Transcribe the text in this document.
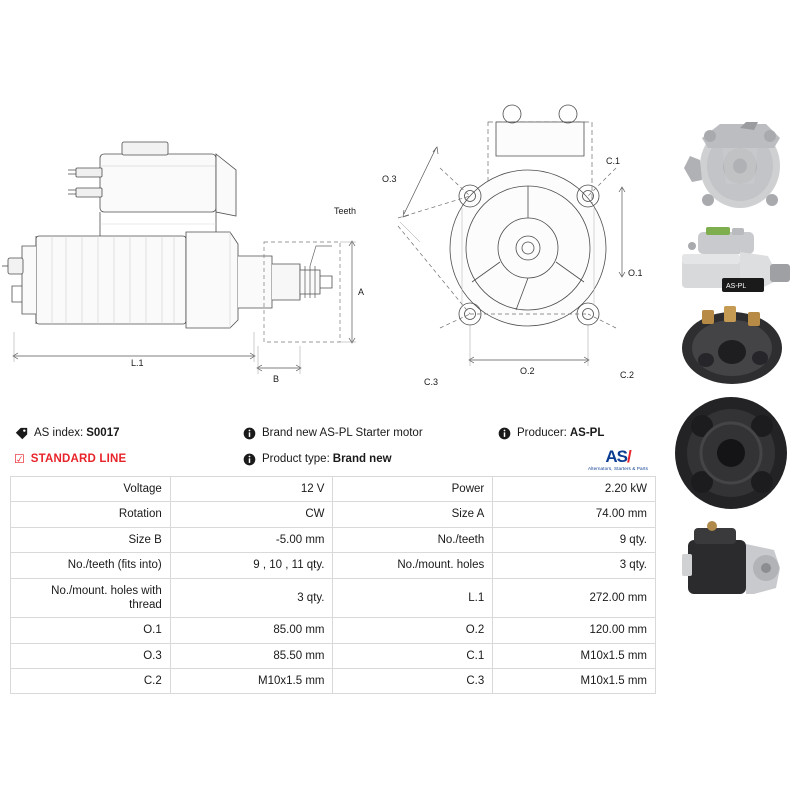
Teeth
A
L.1
B
O.1
O.2
O.3
C.1
C.2
C.3
AS-PL
AS index: S0017	Brand new AS-PL Starter motor	Producer: AS-PL
☑ STANDARD LINE	Product type: Brand new	AS/
Alternators, Starters & Parts
Voltage	12 V	Power	2.20 kW
Rotation	CW	Size A	74.00 mm
Size B	-5.00 mm	No./teeth	9 qty.
No./teeth (fits into)	9 , 10 , 11 qty.	No./mount. holes	3 qty.
No./mount. holes with thread	3 qty.	L.1	272.00 mm
O.1	85.00 mm	O.2	120.00 mm
O.3	85.50 mm	C.1	M10x1.5 mm
C.2	M10x1.5 mm	C.3	M10x1.5 mm
